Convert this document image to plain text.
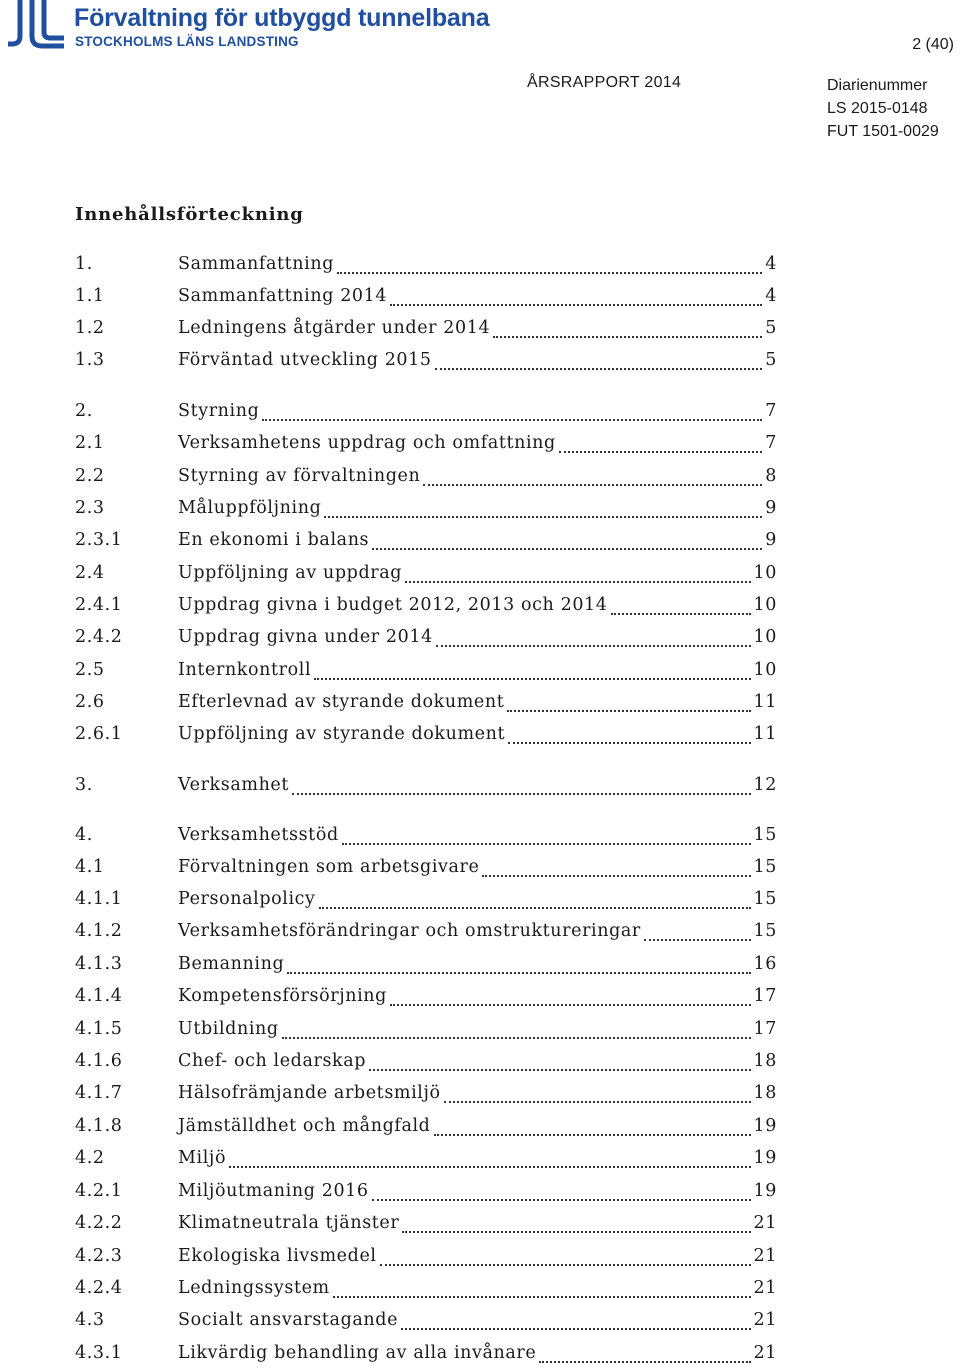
Förvaltning för utbyggd tunnelbana
STOCKHOLMS LÄNS LANDSTING	2 (40)
ÅRSRAPPORT 2014	Diarienummer
LS 2015-0148
FUT 1501-0029
Innehållsförteckning
1.	Sammanfattning	4
1.1	Sammanfattning 2014	4
1.2	Ledningens åtgärder under 2014	5
1.3	Förväntad utveckling 2015	5
2.	Styrning	7
2.1	Verksamhetens uppdrag och omfattning	7
2.2	Styrning av förvaltningen	8
2.3	Måluppföljning	9
2.3.1	En ekonomi i balans	9
2.4	Uppföljning av uppdrag	10
2.4.1	Uppdrag givna i budget 2012, 2013 och 2014	10
2.4.2	Uppdrag givna under 2014	10
2.5	Internkontroll	10
2.6	Efterlevnad av styrande dokument	11
2.6.1	Uppföljning av styrande dokument	11
3.	Verksamhet	12
4.	Verksamhetsstöd	15
4.1	Förvaltningen som arbetsgivare	15
4.1.1	Personalpolicy	15
4.1.2	Verksamhetsförändringar och omstruktureringar	15
4.1.3	Bemanning	16
4.1.4	Kompetensförsörjning	17
4.1.5	Utbildning	17
4.1.6	Chef- och ledarskap	18
4.1.7	Hälsofrämjande arbetsmiljö	18
4.1.8	Jämställdhet och mångfald	19
4.2	Miljö	19
4.2.1	Miljöutmaning 2016	19
4.2.2	Klimatneutrala tjänster	21
4.2.3	Ekologiska livsmedel	21
4.2.4	Ledningssystem	21
4.3	Socialt ansvarstagande	21
4.3.1	Likvärdig behandling av alla invånare	21
